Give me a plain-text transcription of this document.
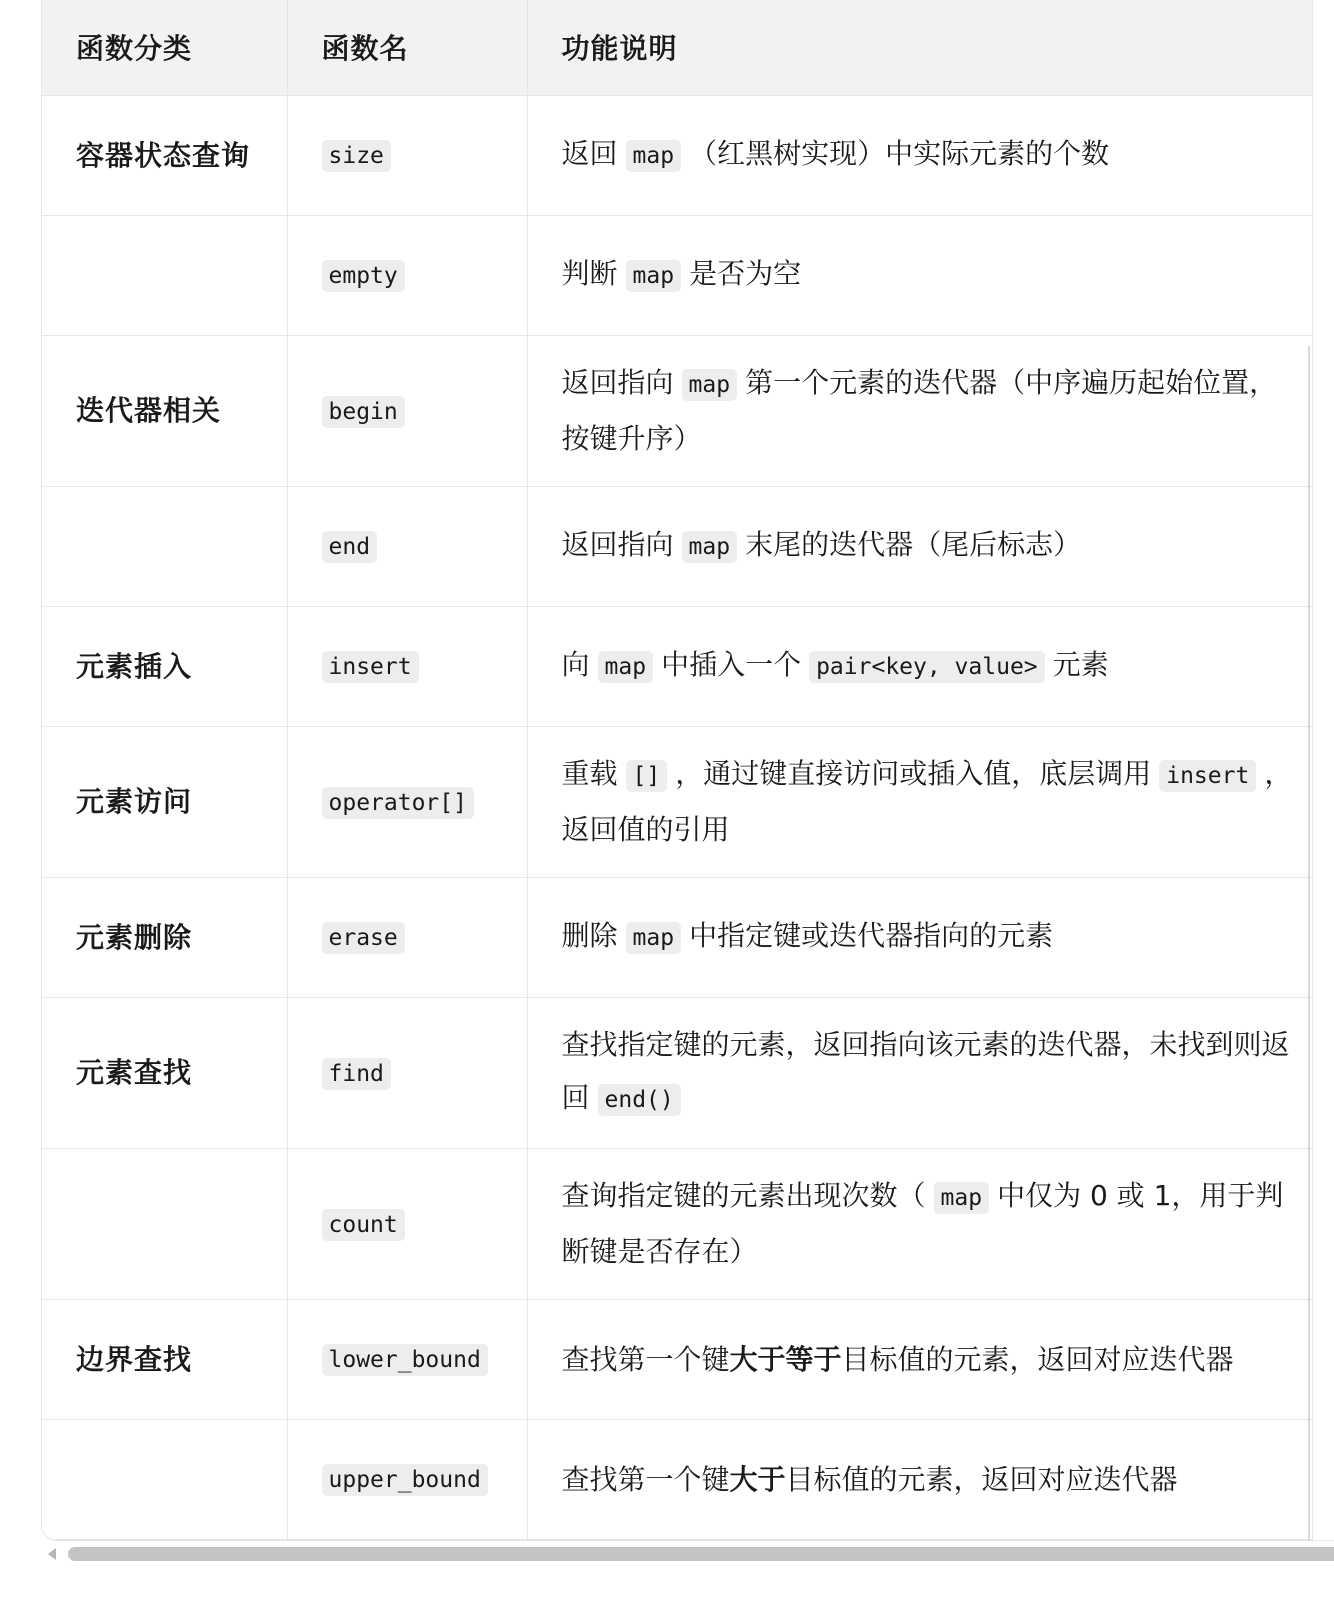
函数分类	函数名	功能说明
容器状态查询	size	返回 map （红黑树实现）中实际元素的个数
	empty	判断 map 是否为空
迭代器相关	begin	返回指向 map 第一个元素的迭代器（中序遍历起始位置，按键升序）
	end	返回指向 map 末尾的迭代器（尾后标志）
元素插入	insert	向 map 中插入一个 pair<key, value> 元素
元素访问	operator[]	重载 [] ，通过键直接访问或插入值，底层调用 insert ，返回值的引用
元素删除	erase	删除 map 中指定键或迭代器指向的元素
元素查找	find	查找指定键的元素，返回指向该元素的迭代器，未找到则返回 end()
	count	查询指定键的元素出现次数（ map 中仅为 0 或 1，用于判断键是否存在）
边界查找	lower_bound	查找第一个键大于等于目标值的元素，返回对应迭代器
	upper_bound	查找第一个键大于目标值的元素，返回对应迭代器
